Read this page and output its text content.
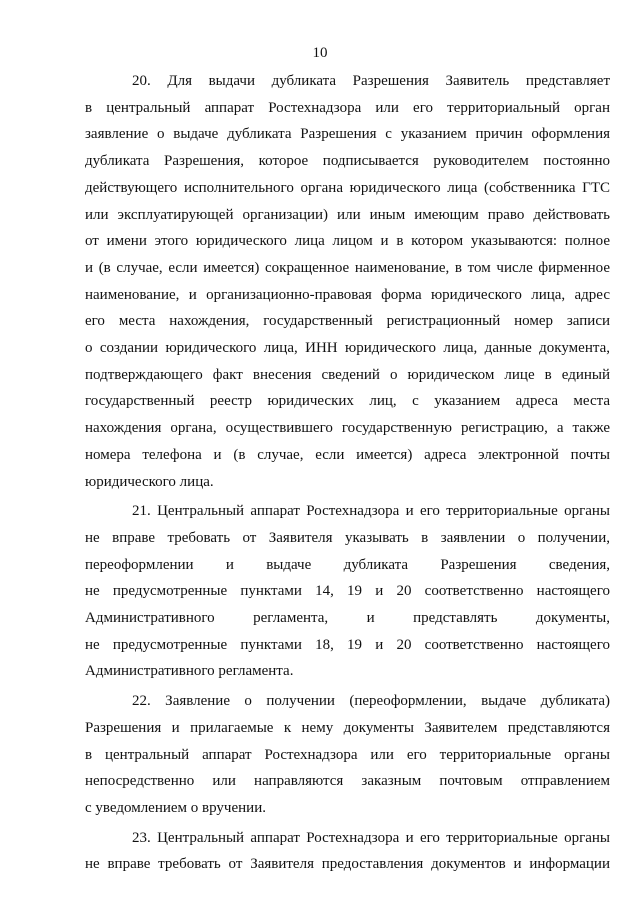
10

20. Для выдачи дубликата Разрешения Заявитель представляет
в центральный аппарат Ростехнадзора или его территориальный орган
заявление о выдаче дубликата Разрешения с указанием причин оформления
дубликата Разрешения, которое подписывается руководителем постоянно
действующего исполнительного органа юридического лица (собственника ГТС
или эксплуатирующей организации) или иным имеющим право действовать
от имени этого юридического лица лицом и в котором указываются: полное
и (в случае, если имеется) сокращенное наименование, в том числе фирменное
наименование, и организационно-правовая форма юридического лица, адрес
его места нахождения, государственный регистрационный номер записи
о создании юридического лица, ИНН юридического лица, данные документа,
подтверждающего факт внесения сведений о юридическом лице в единый
государственный реестр юридических лиц, с указанием адреса места
нахождения органа, осуществившего государственную регистрацию, а также
номера телефона и (в случае, если имеется) адреса электронной почты
юридического лица.

21. Центральный аппарат Ростехнадзора и его территориальные органы
не вправе требовать от Заявителя указывать в заявлении о получении,
переоформлении и выдаче дубликата Разрешения сведения,
не предусмотренные пунктами 14, 19 и 20 соответственно настоящего
Административного регламента, и представлять документы,
не предусмотренные пунктами 18, 19 и 20 соответственно настоящего
Административного регламента.

22. Заявление о получении (переоформлении, выдаче дубликата)
Разрешения и прилагаемые к нему документы Заявителем представляются
в центральный аппарат Ростехнадзора или его территориальные органы
непосредственно или направляются заказным почтовым отправлением
с уведомлением о вручении.

23. Центральный аппарат Ростехнадзора и его территориальные органы
не вправе требовать от Заявителя предоставления документов и информации
